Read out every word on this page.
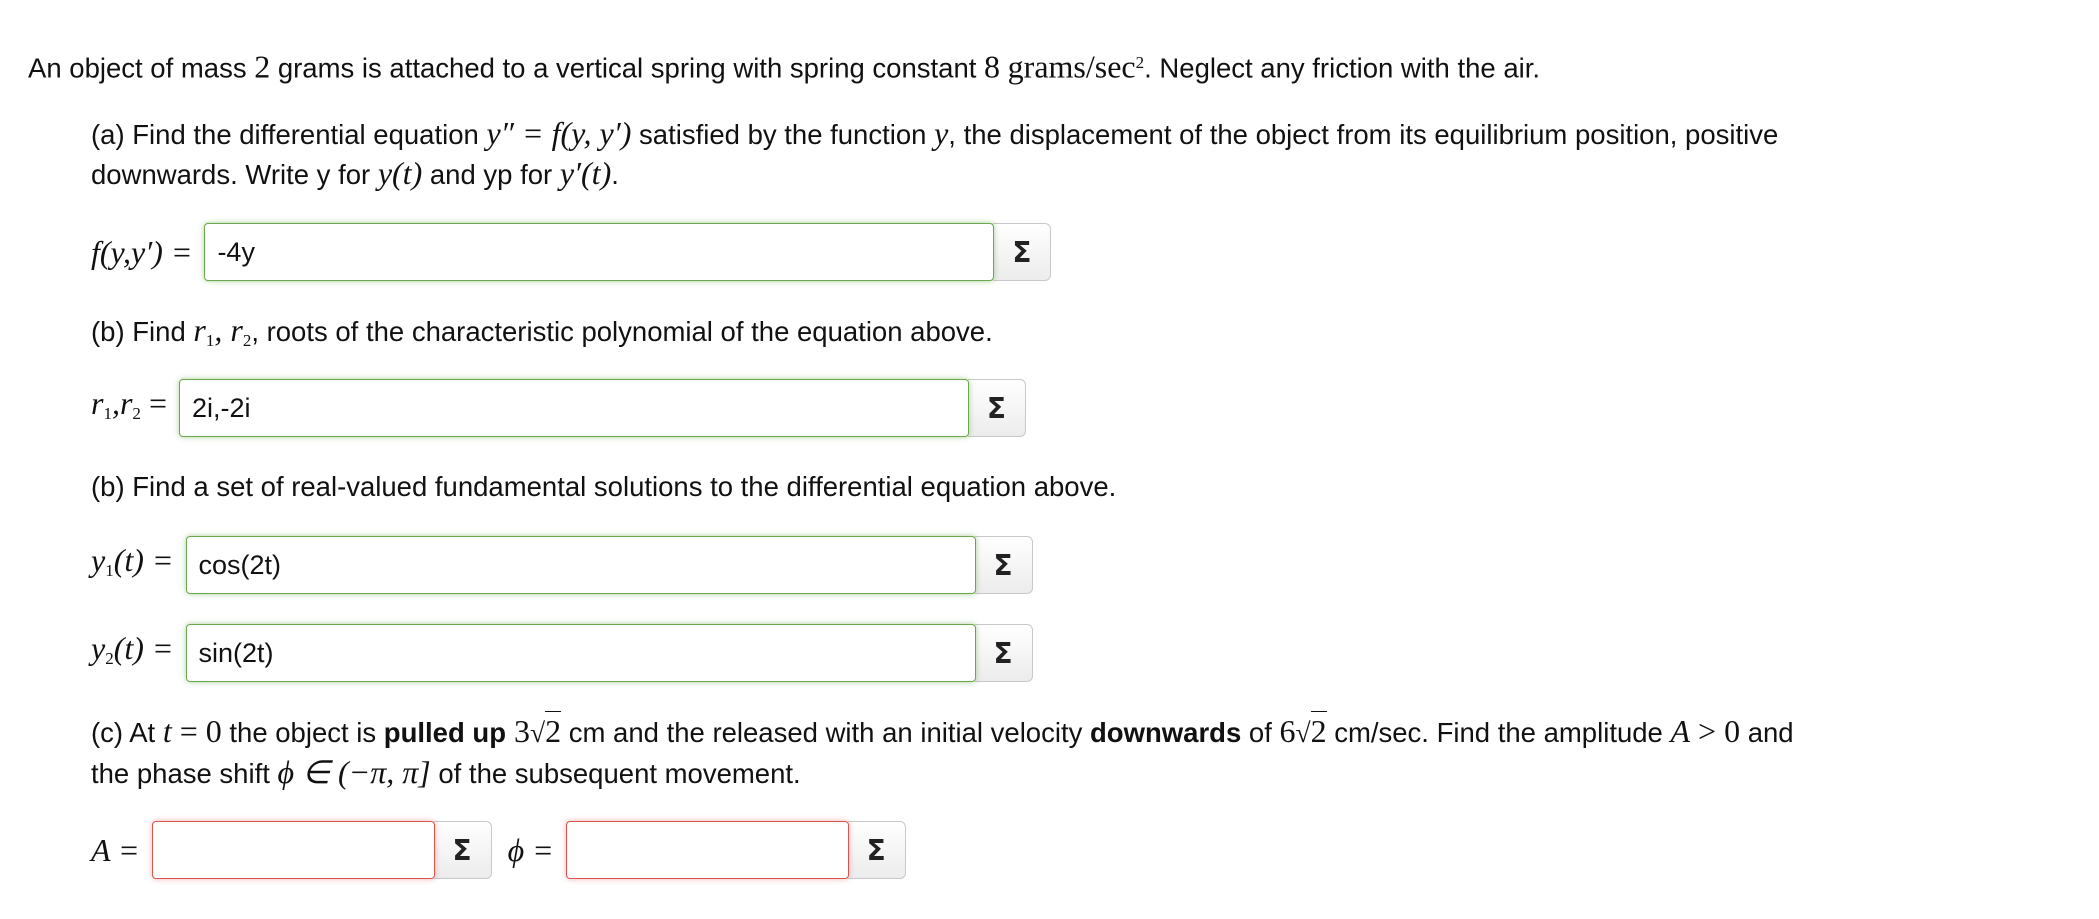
An object of mass 2 grams is attached to a vertical spring with spring constant 8 grams/$\sec^2$. Neglect any friction with the air.
(a) Find the differential equation y″ = f(y, y′) satisfied by the function y, the displacement of the object from its equilibrium position, positive
downwards. Write y for y(t) and yp for y′(t).
f(y,y′) =
-4y	Σ
(b) Find $r_1$, $r_2$, roots of the characteristic polynomial of the equation above.
$r_1,r_2$ =
2i,-2i	Σ
(b) Find a set of real-valued fundamental solutions to the differential equation above.
$y_1(t)$ =
cos(2t)	Σ
$y_2(t)$ =
sin(2t)	Σ
(c) At t = 0 the object is pulled up 3√2 cm and the released with an initial velocity downwards of 6√2 cm/sec. Find the amplitude A > 0 and
the phase shift ϕ ∈ (−π, π] of the subsequent movement.
A =	Σ ϕ =	Σ
